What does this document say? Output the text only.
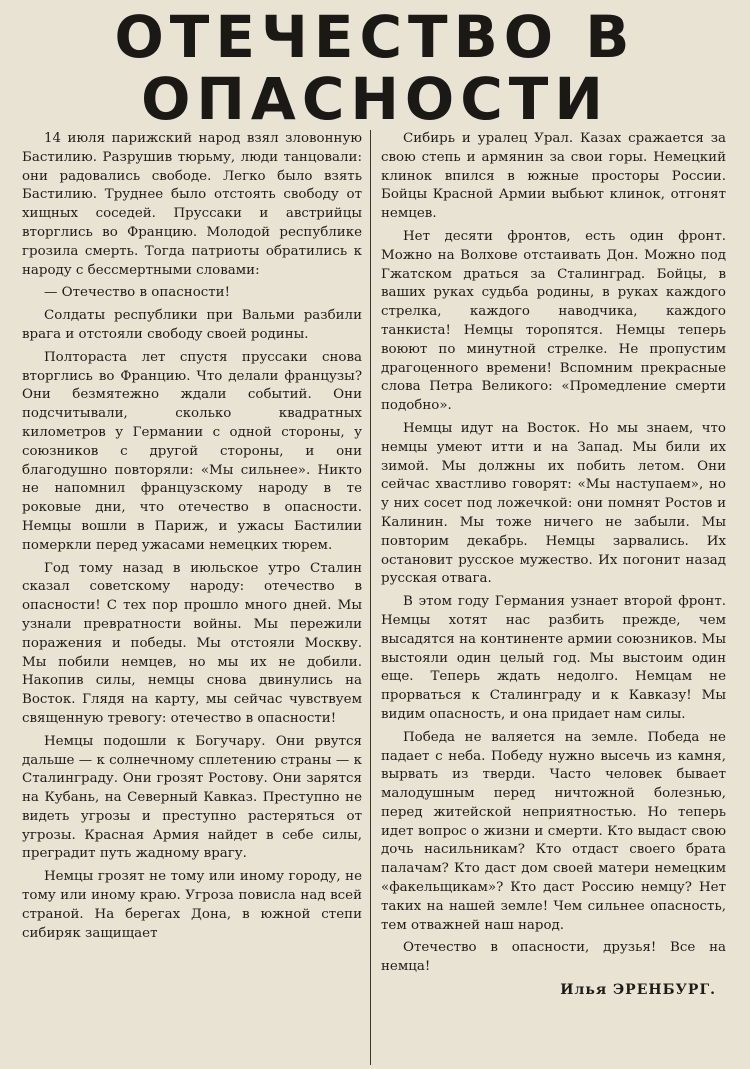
ОТЕЧЕСТВО В
ОПАСНОСТИ

14 июля парижский народ взял зловонную Бастилию. Разрушив тюрьму, люди танцовали: они радовались свободе. Легко было взять Бастилию. Труднее было отстоять свободу от хищных соседей. Пруссаки и австрийцы вторглись во Францию. Молодой республике грозила смерть. Тогда патриоты обратились к народу с бессмертными словами:

— Отечество в опасности!

Солдаты республики при Вальми разбили врага и отстояли свободу своей родины.

Полтораста лет спустя пруссаки снова вторглись во Францию. Что делали французы? Они безмятежно ждали событий. Они подсчитывали, сколько квадратных километров у Германии с одной стороны, у союзников с другой стороны, и они благодушно повторяли: «Мы сильнее». Никто не напомнил французскому народу в те роковые дни, что отечество в опасности. Немцы вошли в Париж, и ужасы Бастилии померкли перед ужасами немецких тюрем.

Год тому назад в июльское утро Сталин сказал советскому народу: отечество в опасности! С тех пор прошло много дней. Мы узнали превратности войны. Мы пережили поражения и победы. Мы отстояли Москву. Мы побили немцев, но мы их не добили. Накопив силы, немцы снова двинулись на Восток. Глядя на карту, мы сейчас чувствуем священную тревогу: отечество в опасности!

Немцы подошли к Богучару. Они рвутся дальше — к солнечному сплетению страны — к Сталинграду. Они грозят Ростову. Они зарятся на Кубань, на Северный Кавказ. Преступно не видеть угрозы и преступно растеряться от угрозы. Красная Армия найдет в себе силы, преградит путь жадному врагу.

Немцы грозят не тому или иному городу, не тому или иному краю. Угроза повисла над всей страной. На берегах Дона, в южной степи сибиряк защищает

Сибирь и уралец Урал. Казах сражается за свою степь и армянин за свои горы. Немецкий клинок впился в южные просторы России. Бойцы Красной Армии выбьют клинок, отгонят немцев.

Нет десяти фронтов, есть один фронт. Можно на Волхове отстаивать Дон. Можно под Гжатском драться за Сталинград. Бойцы, в ваших руках судьба родины, в руках каждого стрелка, каждого наводчика, каждого танкиста! Немцы торопятся. Немцы теперь воюют по минутной стрелке. Не пропустим драгоценного времени! Вспомним прекрасные слова Петра Великого: «Промедление смерти подобно».

Немцы идут на Восток. Но мы знаем, что немцы умеют итти и на Запад. Мы били их зимой. Мы должны их побить летом. Они сейчас хвастливо говорят: «Мы наступаем», но у них сосет под ложечкой: они помнят Ростов и Калинин. Мы тоже ничего не забыли. Мы повторим декабрь. Немцы зарвались. Их остановит русское мужество. Их погонит назад русская отвага.

В этом году Германия узнает второй фронт. Немцы хотят нас разбить прежде, чем высадятся на континенте армии союзников. Мы выстояли один целый год. Мы выстоим один еще. Теперь ждать недолго. Немцам не прорваться к Сталинграду и к Кавказу! Мы видим опасность, и она придает нам силы.

Победа не валяется на земле. Победа не падает с неба. Победу нужно высечь из камня, вырвать из тверди. Часто человек бывает малодушным перед ничтожной болезнью, перед житейской неприятностью. Но теперь идет вопрос о жизни и смерти. Кто выдаст свою дочь насильникам? Кто отдаст своего брата палачам? Кто даст дом своей матери немецким «факельщикам»? Кто даст Россию немцу? Нет таких на нашей земле! Чем сильнее опасность, тем отважней наш народ.

Отечество в опасности, друзья! Все на немца!

Илья ЭРЕНБУРГ.
